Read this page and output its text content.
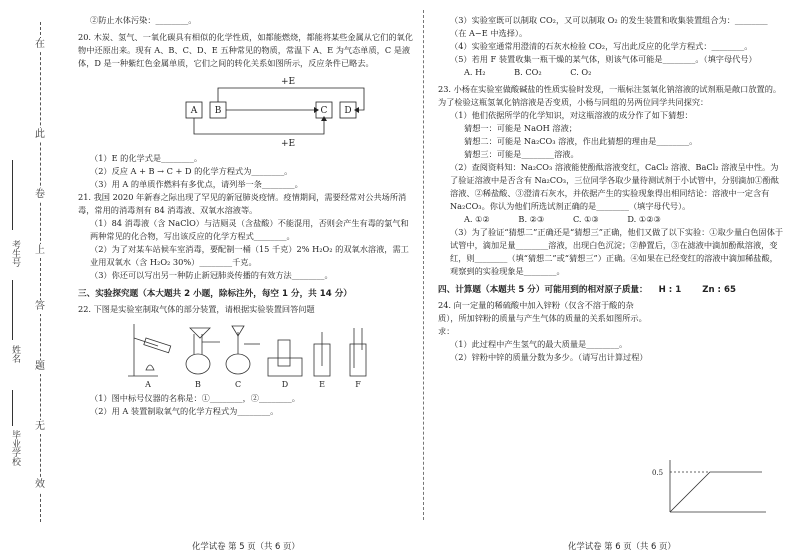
在
此
卷
上
答
题
无
效
考生号
姓名
毕业学校

②防止水体污染：________。

20. 木炭、氢气、一氧化碳具有相似的化学性质，如都能燃烧，都能将某些金属从它们的氧化物中还原出来。现有 A、B、C、D、E 五种常见的物质，常温下 A、E 为气态单质，C 是液体，D 是一种紫红色金属单质，它们之间的转化关系如图所示，反应条件已略去。

+E
+E
A B	C D

（1）E 的化学式是________。

（2）反应 A + B → C + D 的化学方程式为________。

（3）用 A 的单质作燃料有多优点，请列举一条________。

21. 我国 2020 年新春之际出现了罕见的新冠肺炎疫情。疫情期间，需要经常对公共场所消毒，常用的消毒剂有 84 消毒液、双氧水溶液等。

（1）84 消毒液（含 NaClO）与洁厕灵（含盐酸）不能混用，否则会产生有毒的氯气和两种常见的化合物，写出该反应的化学方程式________。

（2）为了对某车站候车室消毒，要配制一桶（15 千克）2% H₂O₂ 的双氧水溶液，需工业用双氧水（含 H₂O₂ 30%）________千克。

（3）你还可以写出另一种防止新冠肺炎传播的有效方法________。

三、实验探究题（本大题共 2 小题，除标注外，每空 1 分，共 14 分）

22. 下图是实验室制取气体的部分装置，请根据实验装置回答问题

A	B	C	D	E	F

（1）图中标号仪器的名称是：①________，②________。

（2）用 A 装置制取氧气的化学方程式为________。

化学试卷 第 5 页（共 6 页）

（3）实验室既可以制取 CO₂，又可以制取 O₂ 的发生装置和收集装置组合为：________（在 A−E 中选择）。

（4）实验室通常用澄清的石灰水检验 CO₂，写出此反应的化学方程式：________。

（5）若用 F 装置收集一瓶干燥的某气体，则该气体可能是________。（填字母代号）

A. H₂	B. CO₂	C. O₂

23. 小杨在实验室做酸碱盐的性质实验时发现，一瓶标注氢氧化钠溶液的试剂瓶是敞口放置的。为了检验这瓶氢氧化钠溶液是否变质，小杨与同组的另两位同学共同探究：

（1）他们依据所学的化学知识，对这瓶溶液的成分作了如下猜想：

猜想一：可能是 NaOH 溶液；

猜想二：可能是 Na₂CO₃ 溶液，作出此猜想的理由是________。

猜想三：可能是________溶液。

（2）查阅资料知：Na₂CO₃ 溶液能使酚酞溶液变红，CaCl₂ 溶液、BaCl₂ 溶液呈中性。为了验证溶液中是否含有 Na₂CO₃，三位同学各取少量待测试剂于小试管中，分别滴加①酚酞溶液、②稀盐酸、③澄清石灰水，并依据产生的实验现象得出相同结论：溶液中一定含有 Na₂CO₃。你认为他们所选试剂正确的是________（填字母代号）。

A. ①②	B. ②③	C. ①③	D. ①②③

（3）为了验证“猜想二”正确还是“猜想三”正确，他们又做了以下实验：①取少量白色固体于试管中，滴加足量________溶液，出现白色沉淀；②静置后，③在滤液中滴加酚酞溶液，变红，则________（填“猜想二”或“猜想三”）正确。④如果在已经变红的溶液中滴加稀盐酸，观察到的实验现象是________。

四、计算题（本题共 5 分）可能用到的相对原子质量： H : 1 Zn : 65

24. 向一定量的稀硫酸中加入锌粉（仅含不溶于酸的杂质），所加锌粉的质量与产生气体的质量的关系如图所示。求：

（1）此过程中产生氢气的最大质量是________。

（2）锌粉中锌的质量分数为多少。（请写出计算过程）

0.5
化学试卷 第 6 页（共 6 页）
